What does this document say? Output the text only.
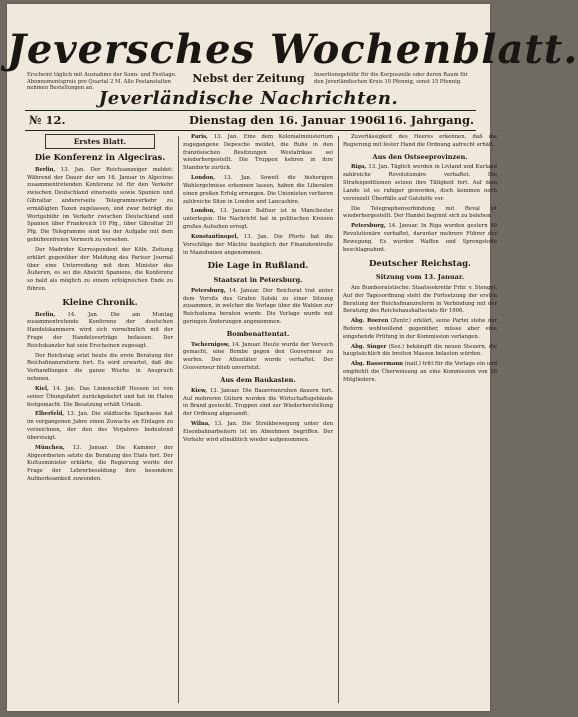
Erscheint täglich mit Ausnahme der Sonn- und Festtage. Abonnementspreis pro Quartal 2 M. Alle Postanstalten nehmen Bestellungen an.
Insertionsgebühr für die Korpuszeile oder deren Raum für den Jeverländischen Kreis 10 Pfennig, sonst 15 Pfennig.
Jeversches Wochenblatt.
Nebst der Zeitung
Jeverländische Nachrichten.
№ 12.	Dienstag den 16. Januar 1906.
116. Jahrgang.
Erstes Blatt.
Die Konferenz in Algeciras.

Berlin, 13. Jan. Der Reichsanzeiger meldet: Während der Dauer der am 16. Januar in Algeciras zusammentretenden Konferenz ist für den Verkehr zwischen Deutschland einerseits sowie Spanien und Gibraltar andererseits Telegrammverkehr zu ermäßigten Taxen zugelassen, und zwar beträgt die Wortgebühr im Verkehr zwischen Deutschland und Spanien über Frankreich 10 Pfg., über Gibraltar 20 Pfg. Die Telegramme sind bei der Aufgabe mit dem gebührenfreien Vermerk zu versehen.

Der Madrider Korrespondent der Köln. Zeitung erklärt gegenüber der Meldung des Pariser Journal über eine Unterredung mit dem Minister des Äußeren, es sei die Absicht Spaniens, die Konferenz so bald als möglich zu einem erfolgreichen Ende zu führen.

Kleine Chronik.

Berlin, 14. Jan. Die am Montag zusammentretende Konferenz der deutschen Handelskammern wird sich vornehmlich mit der Frage der Handelsverträge befassen. Der Reichskanzler hat sein Erscheinen zugesagt.

Der Reichstag setzt heute die erste Beratung der Reichsfinanzreform fort. Es wird erwartet, daß die Verhandlungen die ganze Woche in Anspruch nehmen.

Kiel, 14. Jan. Das Linienschiff Hessen ist von seiner Übungsfahrt zurückgekehrt und hat im Hafen festgemacht. Die Besatzung erhält Urlaub.

Elberfeld, 13. Jan. Die städtische Sparkasse hat im vergangenen Jahre einen Zuwachs an Einlagen zu verzeichnen, der den des Vorjahres bedeutend übersteigt.

München, 13. Januar. Die Kammer der Abgeordneten setzte die Beratung des Etats fort. Der Kultusminister erklärte, die Regierung werde der Frage der Lehrerbesoldung ihre besondere Aufmerksamkeit zuwenden.

Paris, 13. Jan. Eine dem Kolonialministerium zugegangene Depesche meldet, die Ruhe in den französischen Besitzungen Westafrikas sei wiederhergestellt. Die Truppen kehren in ihre Standorte zurück.

London, 13. Jan. Soweit die bisherigen Wahlergebnisse erkennen lassen, haben die Liberalen einen großen Erfolg errungen. Die Unionisten verlieren zahlreiche Sitze in London und Lancashire.

London, 13. Januar. Balfour ist in Manchester unterlegen. Die Nachricht hat in politischen Kreisen großes Aufsehen erregt.

Konstantinopel, 13. Jan. Die Pforte hat die Vorschläge der Mächte bezüglich der Finanzkontrolle in Mazedonien angenommen.

Die Lage in Rußland.
Staatsrat in Petersburg.

Petersburg, 14. Januar. Der Reichsrat trat unter dem Vorsitz des Grafen Solski zu einer Sitzung zusammen, in welcher die Vorlage über die Wahlen zur Reichsduma beraten wurde. Die Vorlage wurde mit geringen Änderungen angenommen.

Bombenattentat.

Tschernigow, 14. Januar. Heute wurde der Versuch gemacht, eine Bombe gegen den Gouverneur zu werfen. Der Attentäter wurde verhaftet. Der Gouverneur blieb unverletzt.

Aus dem Baukasten.

Kiew, 13. Januar. Die Bauernunruhen dauern fort. Auf mehreren Gütern wurden die Wirtschaftsgebäude in Brand gesteckt. Truppen sind zur Wiederherstellung der Ordnung abgesandt.

Wilna, 13. Jan. Die Streikbewegung unter den Eisenbahnarbeitern ist im Abnehmen begriffen. Der Verkehr wird allmählich wieder aufgenommen.

Zuverlässigkeit des Heeres erkennen, daß die Regierung mit fester Hand die Ordnung aufrecht erhält.

Aus den Ostseeprovinzen.

Riga, 13. Jan. Täglich werden in Livland und Kurland zahlreiche Revolutionäre verhaftet. Die Strafexpeditionen setzen ihre Tätigkeit fort. Auf dem Lande ist es ruhiger geworden, doch kommen noch vereinzelt Überfälle auf Gutshöfe vor.

Die Telegraphenverbindung mit Reval ist wiederhergestellt. Der Handel beginnt sich zu beleben.

Petersburg, 14. Januar. In Riga wurden gestern 40 Revolutionäre verhaftet, darunter mehrere Führer der Bewegung. Es wurden Waffen und Sprengstoffe beschlagnahmt.

Deutscher Reichstag.
Sitzung vom 13. Januar.

Am Bundesratstische: Staatssekretär Frhr. v. Stengel. Auf der Tagesordnung steht die Fortsetzung der ersten Beratung der Reichsfinanzreform in Verbindung mit der Beratung des Reichshaushaltsetats für 1906.

Abg. Roeren (Zentr.) erklärt, seine Partei stehe der Reform wohlwollend gegenüber, müsse aber eine eingehende Prüfung in der Kommission verlangen.

Abg. Singer (Soz.) bekämpft die neuen Steuern, die hauptsächlich die breiten Massen belasten würden.

Abg. Bassermann (natl.) tritt für die Vorlage ein und empfiehlt die Überweisung an eine Kommission von 28 Mitgliedern.
